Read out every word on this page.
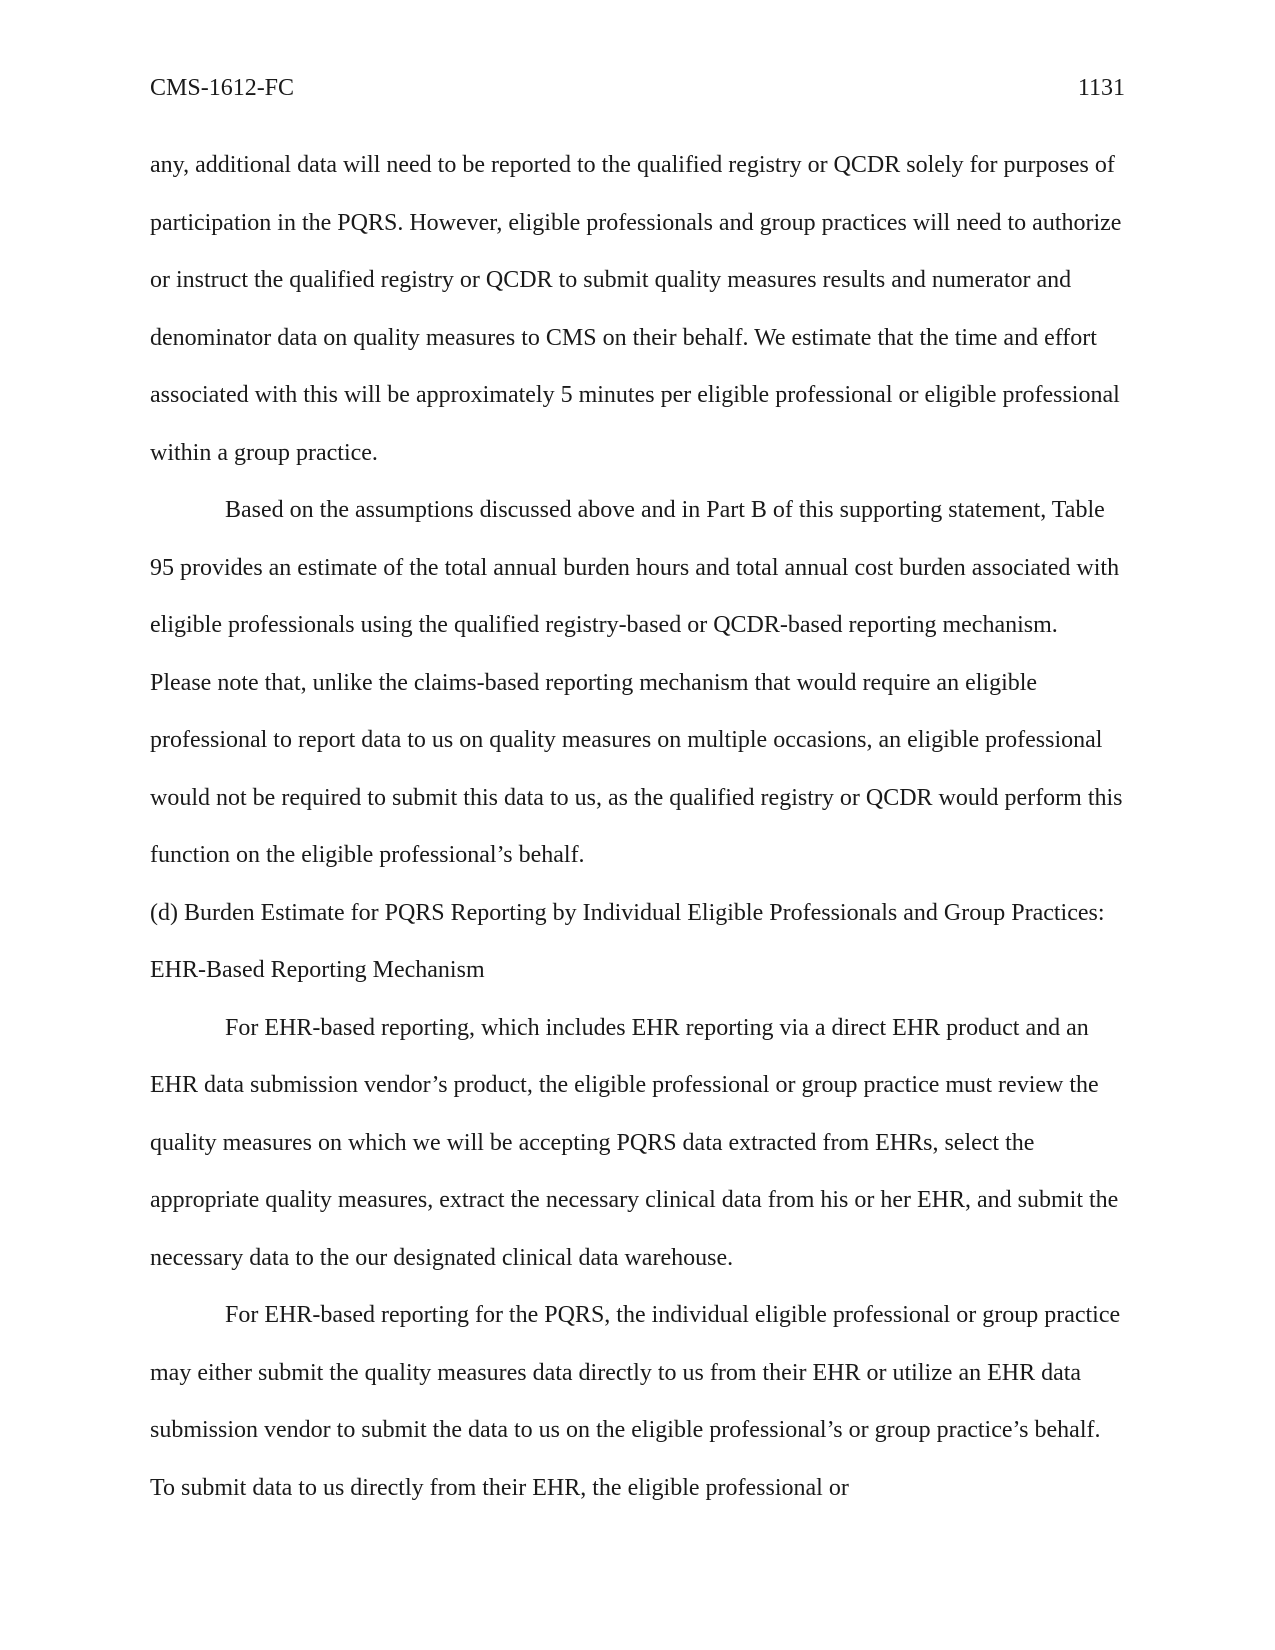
CMS-1612-FC	1131

any, additional data will need to be reported to the qualified registry or QCDR solely for purposes of participation in the PQRS. However, eligible professionals and group practices will need to authorize or instruct the qualified registry or QCDR to submit quality measures results and numerator and denominator data on quality measures to CMS on their behalf. We estimate that the time and effort associated with this will be approximately 5 minutes per eligible professional or eligible professional within a group practice.

Based on the assumptions discussed above and in Part B of this supporting statement, Table 95 provides an estimate of the total annual burden hours and total annual cost burden associated with eligible professionals using the qualified registry-based or QCDR-based reporting mechanism. Please note that, unlike the claims-based reporting mechanism that would require an eligible professional to report data to us on quality measures on multiple occasions, an eligible professional would not be required to submit this data to us, as the qualified registry or QCDR would perform this function on the eligible professional’s behalf.

(d) Burden Estimate for PQRS Reporting by Individual Eligible Professionals and Group Practices: EHR-Based Reporting Mechanism

For EHR-based reporting, which includes EHR reporting via a direct EHR product and an EHR data submission vendor’s product, the eligible professional or group practice must review the quality measures on which we will be accepting PQRS data extracted from EHRs, select the appropriate quality measures, extract the necessary clinical data from his or her EHR, and submit the necessary data to the our designated clinical data warehouse.

For EHR-based reporting for the PQRS, the individual eligible professional or group practice may either submit the quality measures data directly to us from their EHR or utilize an EHR data submission vendor to submit the data to us on the eligible professional’s or group practice’s behalf. To submit data to us directly from their EHR, the eligible professional or
